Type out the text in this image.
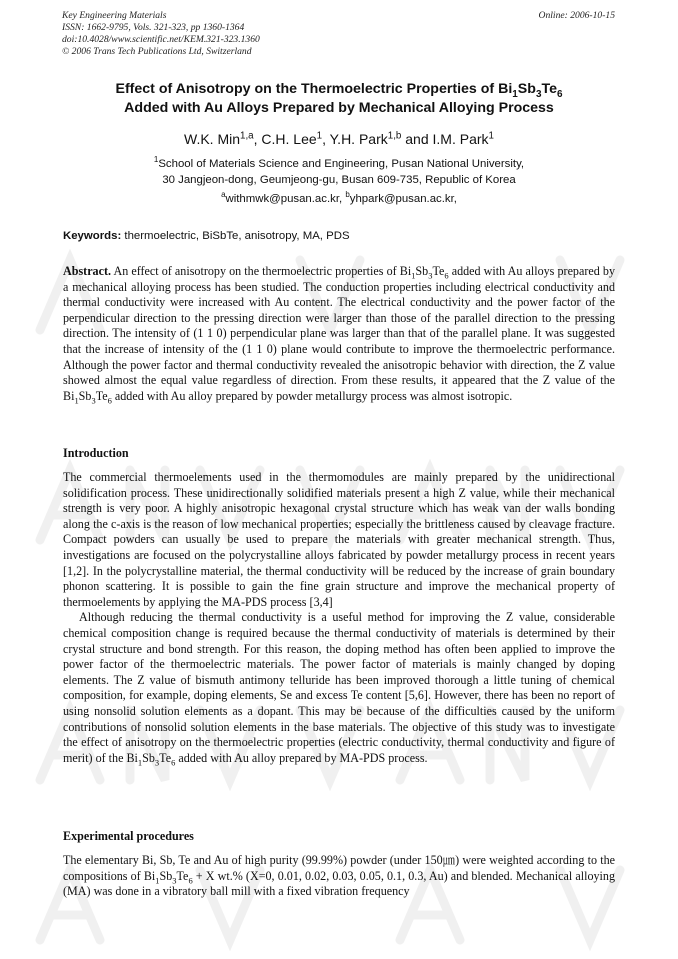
Key Engineering Materials
ISSN: 1662-9795, Vols. 321-323, pp 1360-1364
doi:10.4028/www.scientific.net/KEM.321-323.1360
© 2006 Trans Tech Publications Ltd, Switzerland
Online: 2006-10-15
Effect of Anisotropy on the Thermoelectric Properties of $Bi_1Sb_3Te_6$
Added with Au Alloys Prepared by Mechanical Alloying Process
W.K. Min$^{1,a}$, C.H. Lee$^1$, Y.H. Park$^{1,b}$ and I.M. Park$^1$
$^1$School of Materials Science and Engineering, Pusan National University,
30 Jangjeon-dong, Geumjeong-gu, Busan 609-735, Republic of Korea
$^a$withmwk@pusan.ac.kr, $^b$yhpark@pusan.ac.kr,
Keywords: thermoelectric, BiSbTe, anisotropy, MA, PDS

Abstract. An effect of anisotropy on the thermoelectric properties of $Bi_1Sb_3Te_6$ added with Au alloys prepared by a mechanical alloying process has been studied. The conduction properties including electrical conductivity and thermal conductivity were increased with Au content. The electrical conductivity and the power factor of the perpendicular direction to the pressing direction were larger than those of the parallel direction to the pressing direction. The intensity of (1 1 0) perpendicular plane was larger than that of the parallel plane. It was suggested that the increase of intensity of the (1 1 0) plane would contribute to improve the thermoelectric performance. Although the power factor and thermal conductivity revealed the anisotropic behavior with direction, the Z value showed almost the equal value regardless of direction. From these results, it appeared that the Z value of the $Bi_1Sb_3Te_6$ added with Au alloy prepared by powder metallurgy process was almost isotropic.

Introduction

The commercial thermoelements used in the thermomodules are mainly prepared by the unidirectional solidification process. These unidirectionally solidified materials present a high Z value, while their mechanical strength is very poor. A highly anisotropic hexagonal crystal structure which has weak van der walls bonding along the c-axis is the reason of low mechanical properties; especially the brittleness caused by cleavage fracture. Compact powders can usually be used to prepare the materials with greater mechanical strength. Thus, investigations are focused on the polycrystalline alloys fabricated by powder metallurgy process in recent years [1,2]. In the polycrystalline material, the thermal conductivity will be reduced by the increase of grain boundary phonon scattering. It is possible to gain the fine grain structure and improve the mechanical property of thermoelements by applying the MA-PDS process [3,4]

Although reducing the thermal conductivity is a useful method for improving the Z value, considerable chemical composition change is required because the thermal conductivity of materials is determined by their crystal structure and bond strength. For this reason, the doping method has often been applied to improve the power factor of the thermoelectric materials. The power factor of materials is mainly changed by doping elements. The Z value of bismuth antimony telluride has been improved thorough a little tuning of chemical composition, for example, doping elements, Se and excess Te content [5,6]. However, there has been no report of using nonsolid solution elements as a dopant. This may be because of the difficulties caused by the uniform contributions of nonsolid solution elements in the base materials. The objective of this study was to investigate the effect of anisotropy on the thermoelectric properties (electric conductivity, thermal conductivity and figure of merit) of the $Bi_1Sb_3Te_6$ added with Au alloy prepared by MA-PDS process.

Experimental procedures

The elementary Bi, Sb, Te and Au of high purity (99.99%) powder (under 150㎛) were weighted according to the compositions of $Bi_1Sb_3Te_6 + X$ wt.% (X=0, 0.01, 0.02, 0.03, 0.05, 0.1, 0.3, Au) and blended. Mechanical alloying (MA) was done in a vibratory ball mill with a fixed vibration frequency
